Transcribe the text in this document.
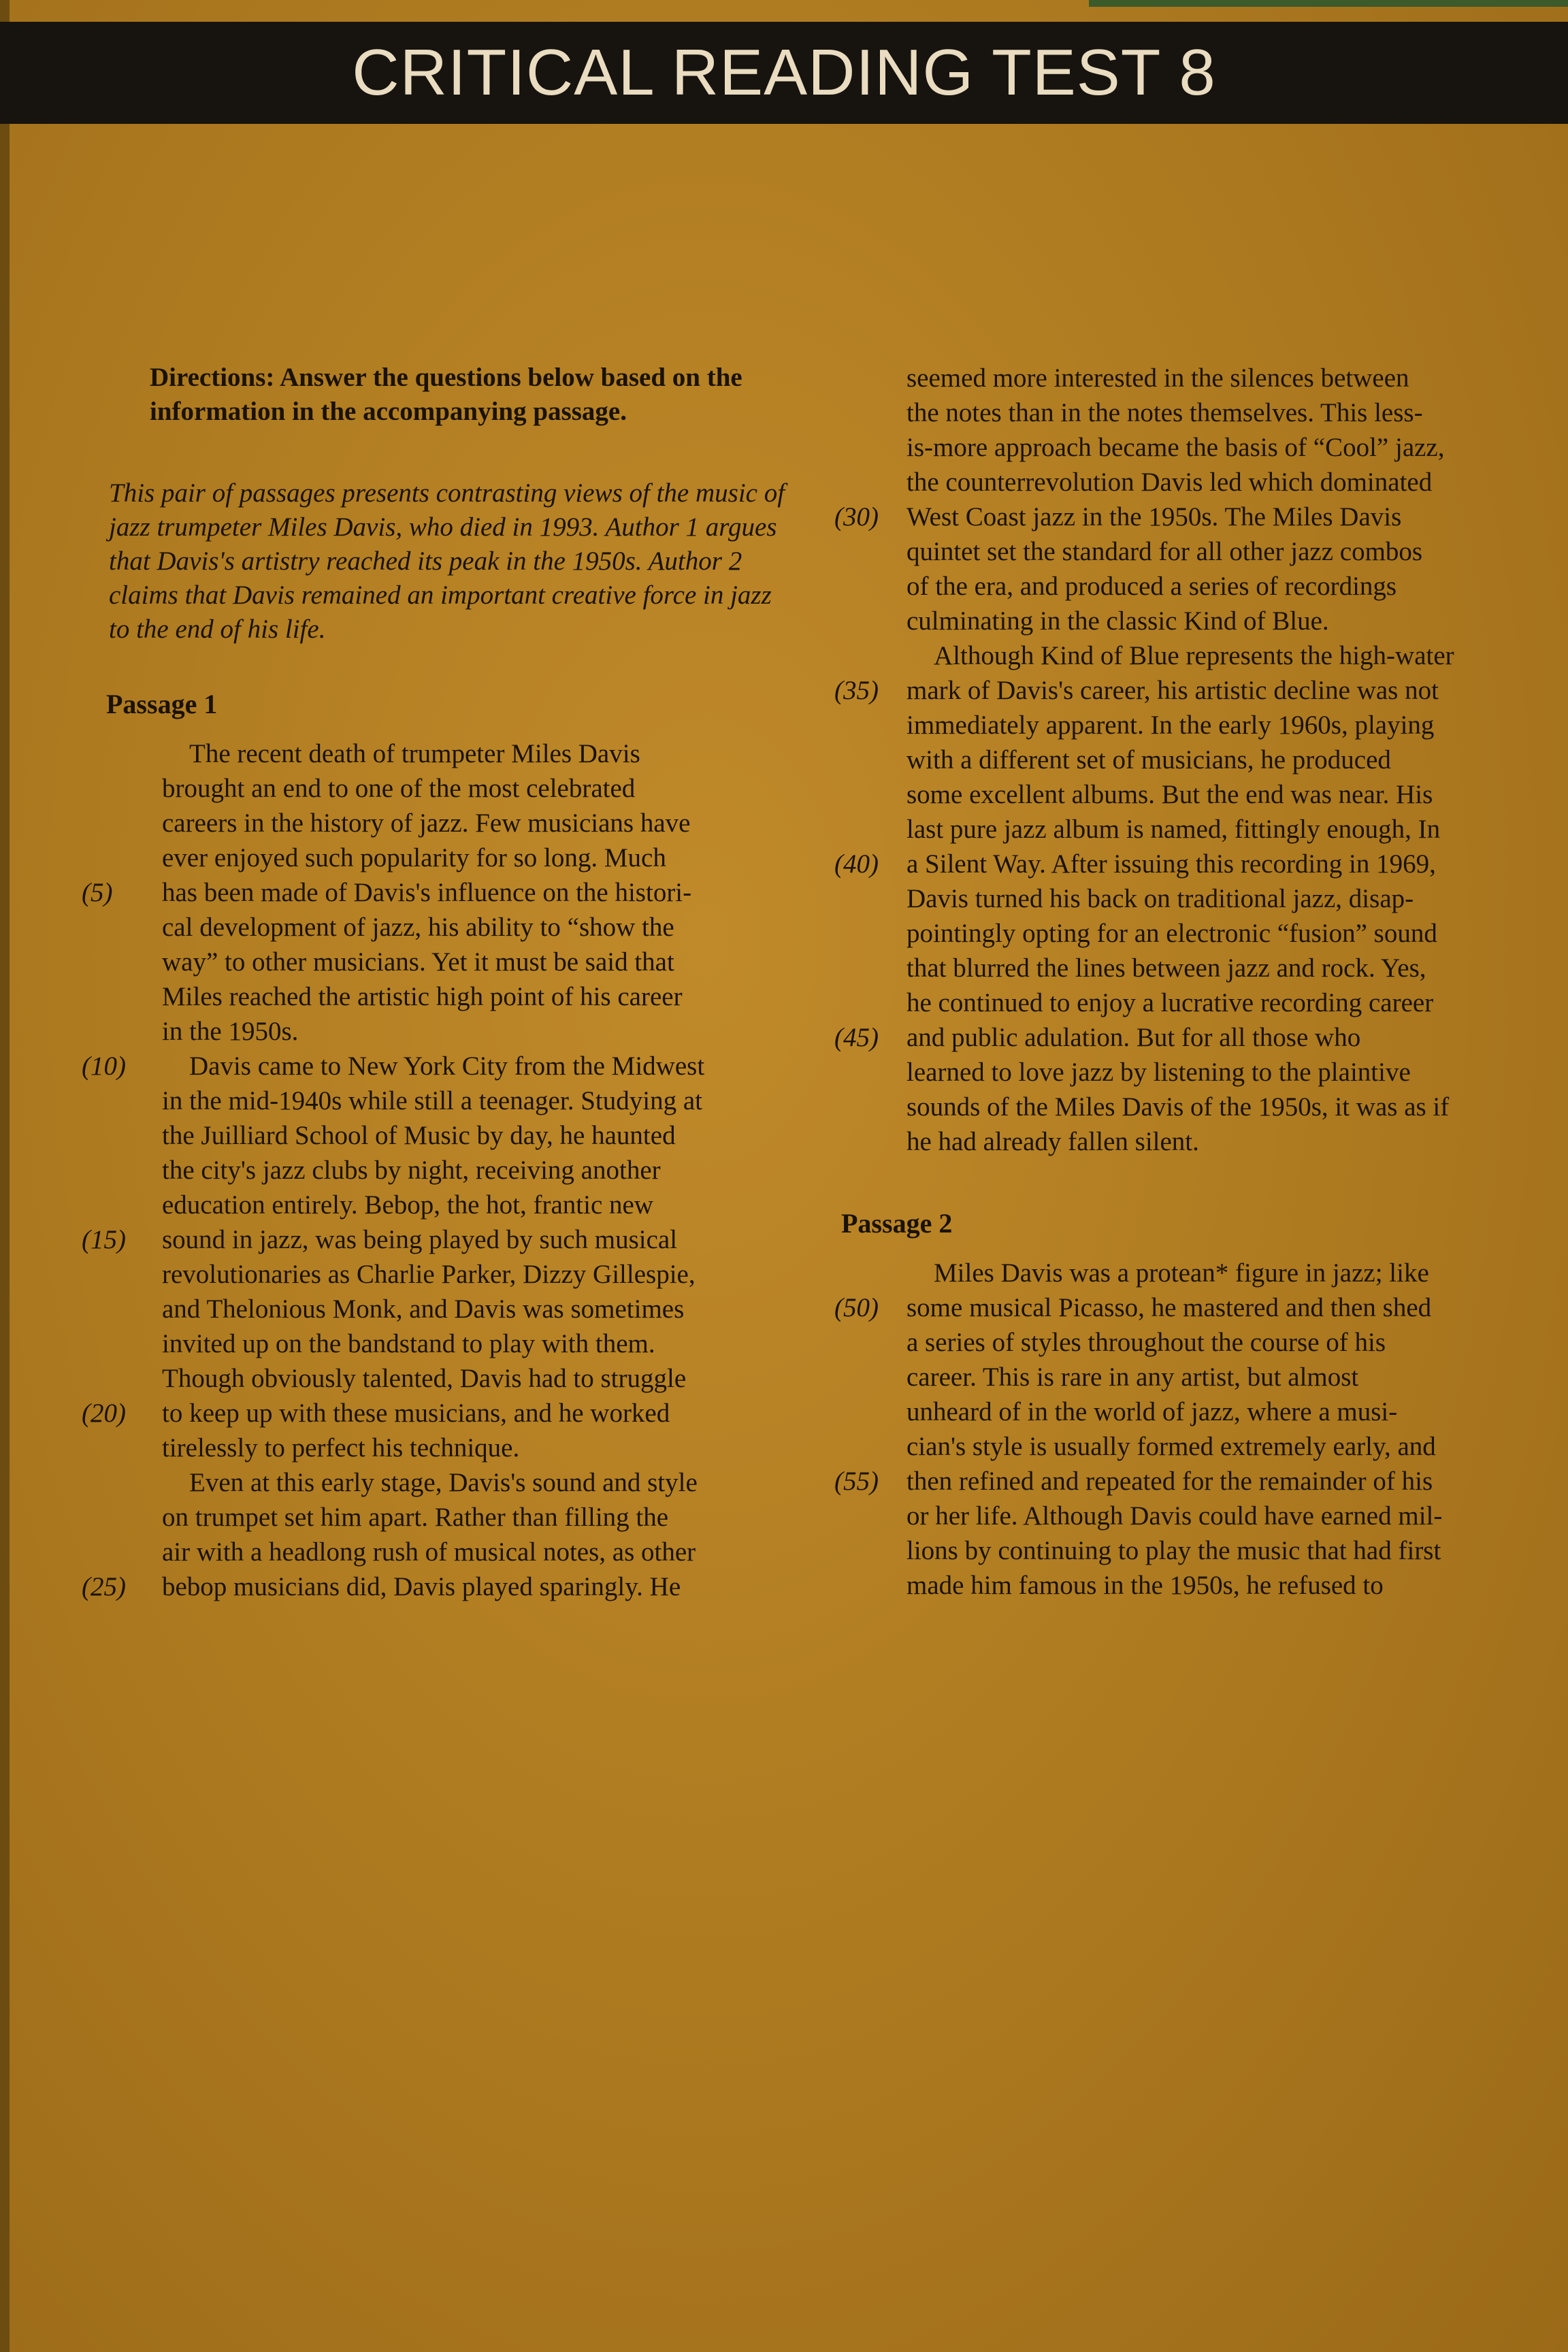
CRITICAL READING TEST 8
Directions: Answer the questions below based on the information in the accompanying passage.
This pair of passages presents contrasting views of the music of jazz trumpeter Miles Davis, who died in 1993. Author 1 argues that Davis's artistry reached its peak in the 1950s. Author 2 claims that Davis remained an important creative force in jazz to the end of his life.
Passage 1
The recent death of trumpeter Miles Davis
brought an end to one of the most celebrated
careers in the history of jazz. Few musicians have
ever enjoyed such popularity for so long. Much
(5)	has been made of Davis's influence on the histori-
cal development of jazz, his ability to “show the
way” to other musicians. Yet it must be said that
Miles reached the artistic high point of his career
in the 1950s.
(10)	Davis came to New York City from the Midwest
in the mid-1940s while still a teenager. Studying at
the Juilliard School of Music by day, he haunted
the city's jazz clubs by night, receiving another
education entirely. Bebop, the hot, frantic new
(15)	sound in jazz, was being played by such musical
revolutionaries as Charlie Parker, Dizzy Gillespie,
and Thelonious Monk, and Davis was sometimes
invited up on the bandstand to play with them.
Though obviously talented, Davis had to struggle
(20)	to keep up with these musicians, and he worked
tirelessly to perfect his technique.
Even at this early stage, Davis's sound and style
on trumpet set him apart. Rather than filling the
air with a headlong rush of musical notes, as other
(25)	bebop musicians did, Davis played sparingly. He
seemed more interested in the silences between
the notes than in the notes themselves. This less-
is-more approach became the basis of “Cool” jazz,
the counterrevolution Davis led which dominated
(30)	West Coast jazz in the 1950s. The Miles Davis
quintet set the standard for all other jazz combos
of the era, and produced a series of recordings
culminating in the classic Kind of Blue.
Although Kind of Blue represents the high-water
(35)	mark of Davis's career, his artistic decline was not
immediately apparent. In the early 1960s, playing
with a different set of musicians, he produced
some excellent albums. But the end was near. His
last pure jazz album is named, fittingly enough, In
(40)	a Silent Way. After issuing this recording in 1969,
Davis turned his back on traditional jazz, disap-
pointingly opting for an electronic “fusion” sound
that blurred the lines between jazz and rock. Yes,
he continued to enjoy a lucrative recording career
(45)	and public adulation. But for all those who
learned to love jazz by listening to the plaintive
sounds of the Miles Davis of the 1950s, it was as if
he had already fallen silent.
Passage 2
Miles Davis was a protean* figure in jazz; like
(50)	some musical Picasso, he mastered and then shed
a series of styles throughout the course of his
career. This is rare in any artist, but almost
unheard of in the world of jazz, where a musi-
cian's style is usually formed extremely early, and
(55)	then refined and repeated for the remainder of his
or her life. Although Davis could have earned mil-
lions by continuing to play the music that had first
made him famous in the 1950s, he refused to
